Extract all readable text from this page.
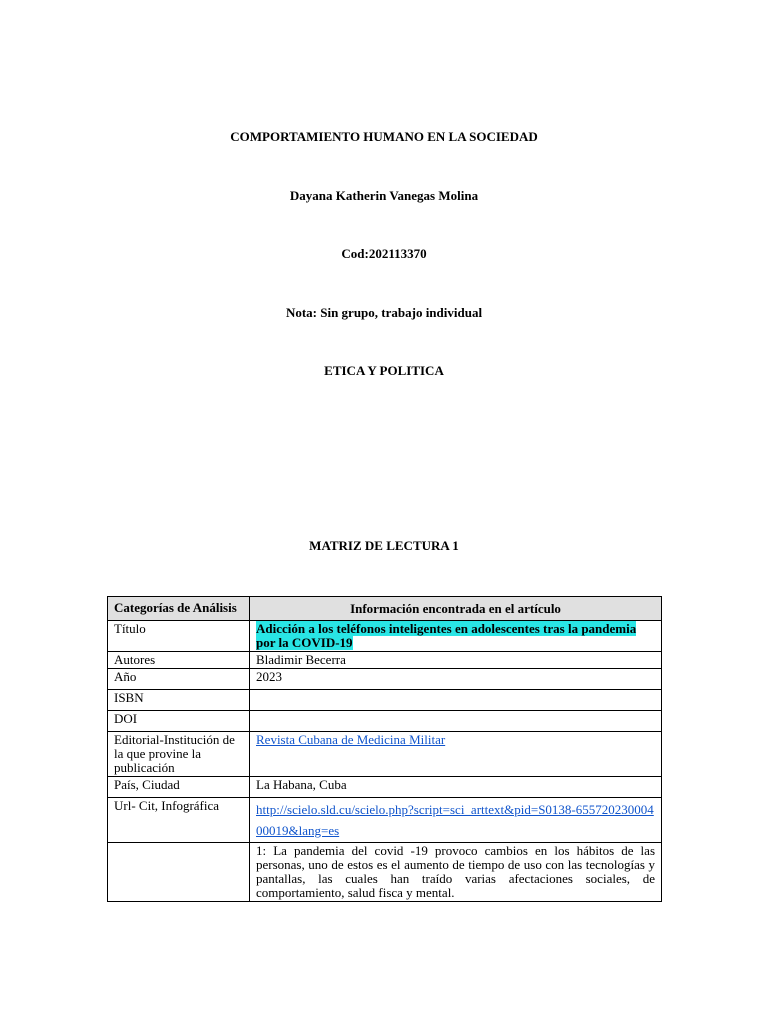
COMPORTAMIENTO HUMANO EN LA SOCIEDAD
Dayana Katherin Vanegas Molina
Cod:202113370
Nota: Sin grupo, trabajo individual
ETICA Y POLITICA
MATRIZ DE LECTURA 1
Categorías de Análisis	Información encontrada en el artículo
Título	Adicción a los teléfonos inteligentes en adolescentes tras la pandemia por la COVID-19
Autores	Bladimir Becerra
Año	2023
ISBN	
DOI	
Editorial-Institución de la que provine la publicación	Revista Cubana de Medicina Militar
País, Ciudad	La Habana, Cuba
Url- Cit, Infográfica	http://scielo.sld.cu/scielo.php?script=sci_arttext&pid=S0138-65572023000400019&lang=es
	1: La pandemia del covid -19 provoco cambios en los hábitos de las personas, uno de estos es el aumento de tiempo de uso con las tecnologías y pantallas, las cuales han traído varias afectaciones sociales, de comportamiento, salud fisca y mental.
